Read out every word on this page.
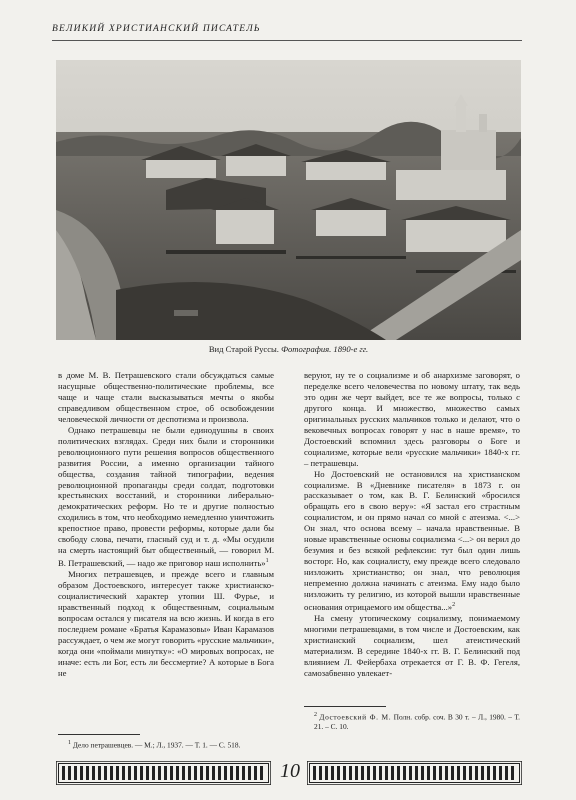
ВЕЛИКИЙ ХРИСТИАНСКИЙ ПИСАТЕЛЬ
Вид Старой Руссы. Фотография. 1890-е гг.

в доме М. В. Петрашевского стали обсуждаться самые насущные общественно-политические проблемы, все чаще и чаще стали высказываться мечты о якобы справедливом общественном строе, об освобождении человеческой личности от деспотизма и произвола.

Однако петрашевцы не были единодушны в своих политических взглядах. Среди них были и сторонники революционного пути решения вопросов общественного развития России, а именно организации тайного общества, создания тайной типографии, ведения революционной пропаганды среди солдат, подготовки крестьянских восстаний, и сторонники либерально-демократических реформ. Но те и другие полностью сходились в том, что необходимо немедленно уничтожить крепостное право, провести реформы, которые дали бы свободу слова, печати, гласный суд и т. д. «Мы осудили на смерть настоящий быт общественный, — говорил М. В. Петрашевский, — надо же приговор наш исполнить»$^1$

Многих петрашевцев, и прежде всего и главным образом Достоевского, интересует также христианско-социалистический характер утопии Ш. Фурье, и нравственный подход к общественным, социальным вопросам остался у писателя на всю жизнь. И когда в его последнем романе «Братья Карамазовы» Иван Карамазов рассуждает, о чем же могут говорить «русские мальчики», когда они «поймали минутку»: «О мировых вопросах, не иначе: есть ли Бог, есть ли бессмертие? А которые в Бога не

$^1$ Дело петрашевцев. — М.; Л., 1937. — Т. 1. — С. 518.

веруют, ну те о социализме и об анархизме заговорят, о переделке всего человечества по новому штату, так ведь это один же черт выйдет, все те же вопросы, только с другого конца. И множество, множество самых оригинальных русских мальчиков только и делают, что о вековечных вопросах говорят у нас в наше время», то Достоевский вспомнил здесь разговоры о Боге и социализме, которые вели «русские мальчики» 1840-х гг. – петрашевцы.

Но Достоевский не остановился на христианском социализме. В «Дневнике писателя» в 1873 г. он рассказывает о том, как В. Г. Белинский «бросился обращать его в свою веру»: «Я застал его страстным социалистом, и он прямо начал со мной с атеизма. <...> Он знал, что основа всему – начала нравственные. В новые нравственные основы социализма <...> он верил до безумия и без всякой рефлексии: тут был один лишь восторг. Но, как социалисту, ему прежде всего следовало низложить христианство; он знал, что революция непременно должна начинать с атеизма. Ему надо было низложить ту религию, из которой вышли нравственные основания отрицаемого им общества...»$^2$

На смену утопическому социализму, понимаемому многими петрашевцами, в том числе и Достоевским, как христианский социализм, шел атеистический материализм. В середине 1840-х гг. В. Г. Белинский под влиянием Л. Фейербаха отрекается от Г. В. Ф. Гегеля, самозабвенно увлекает-

$^2$ Достоевский Ф. М. Полн. собр. соч. В 30 т. – Л., 1980. – Т. 21. – С. 10.
10
